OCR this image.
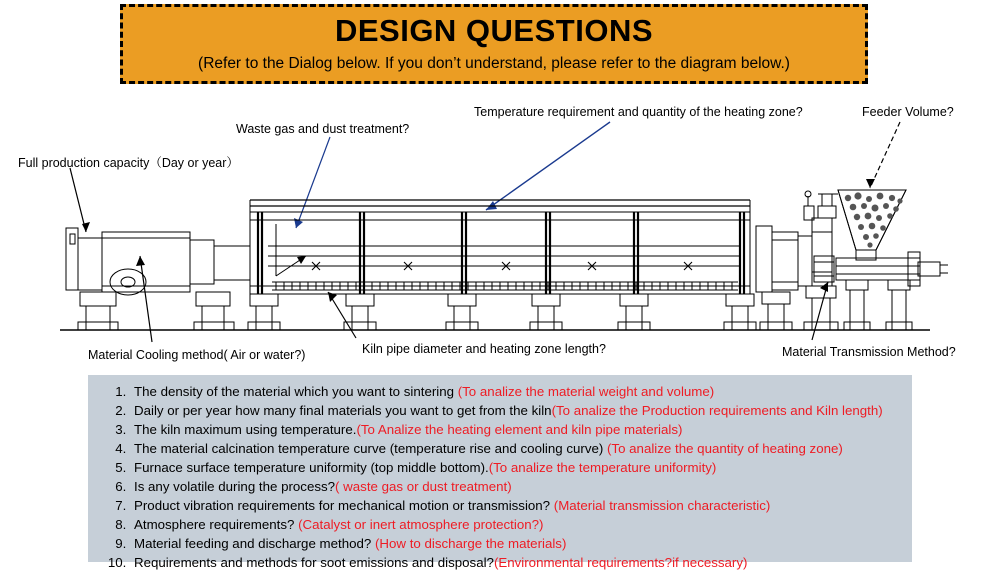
DESIGN QUESTIONS
(Refer to the Dialog below. If you don’t understand, please refer to the diagram below.)
Full production capacity（Day or year）
Waste gas and dust treatment?
Temperature requirement and quantity of the heating zone?	Feeder Volume?
Material Cooling method( Air or water?)	Kiln pipe diameter and heating zone length?	Material Transmission Method?
1. The density of the material which you want to sintering (To analize the material weight and volume)
2. Daily or per year how many final materials you want to get from the kiln(To analize the Production requirements and Kiln length)
3. The kiln maximum using temperature.(To Analize the heating element and kiln pipe materials)
4. The material calcination temperature curve (temperature rise and cooling curve) (To analize the quantity of heating zone)
5. Furnace surface temperature uniformity (top middle bottom).(To analize the temperature uniformity)
6. Is any volatile during the process?( waste gas or dust treatment)
7. Product vibration requirements for mechanical motion or transmission? (Material transmission characteristic)
8. Atmosphere requirements? (Catalyst or inert atmosphere protection?)
9. Material feeding and discharge method? (How to discharge the materials)
10. Requirements and methods for soot emissions and disposal?(Environmental requirements?if necessary)
